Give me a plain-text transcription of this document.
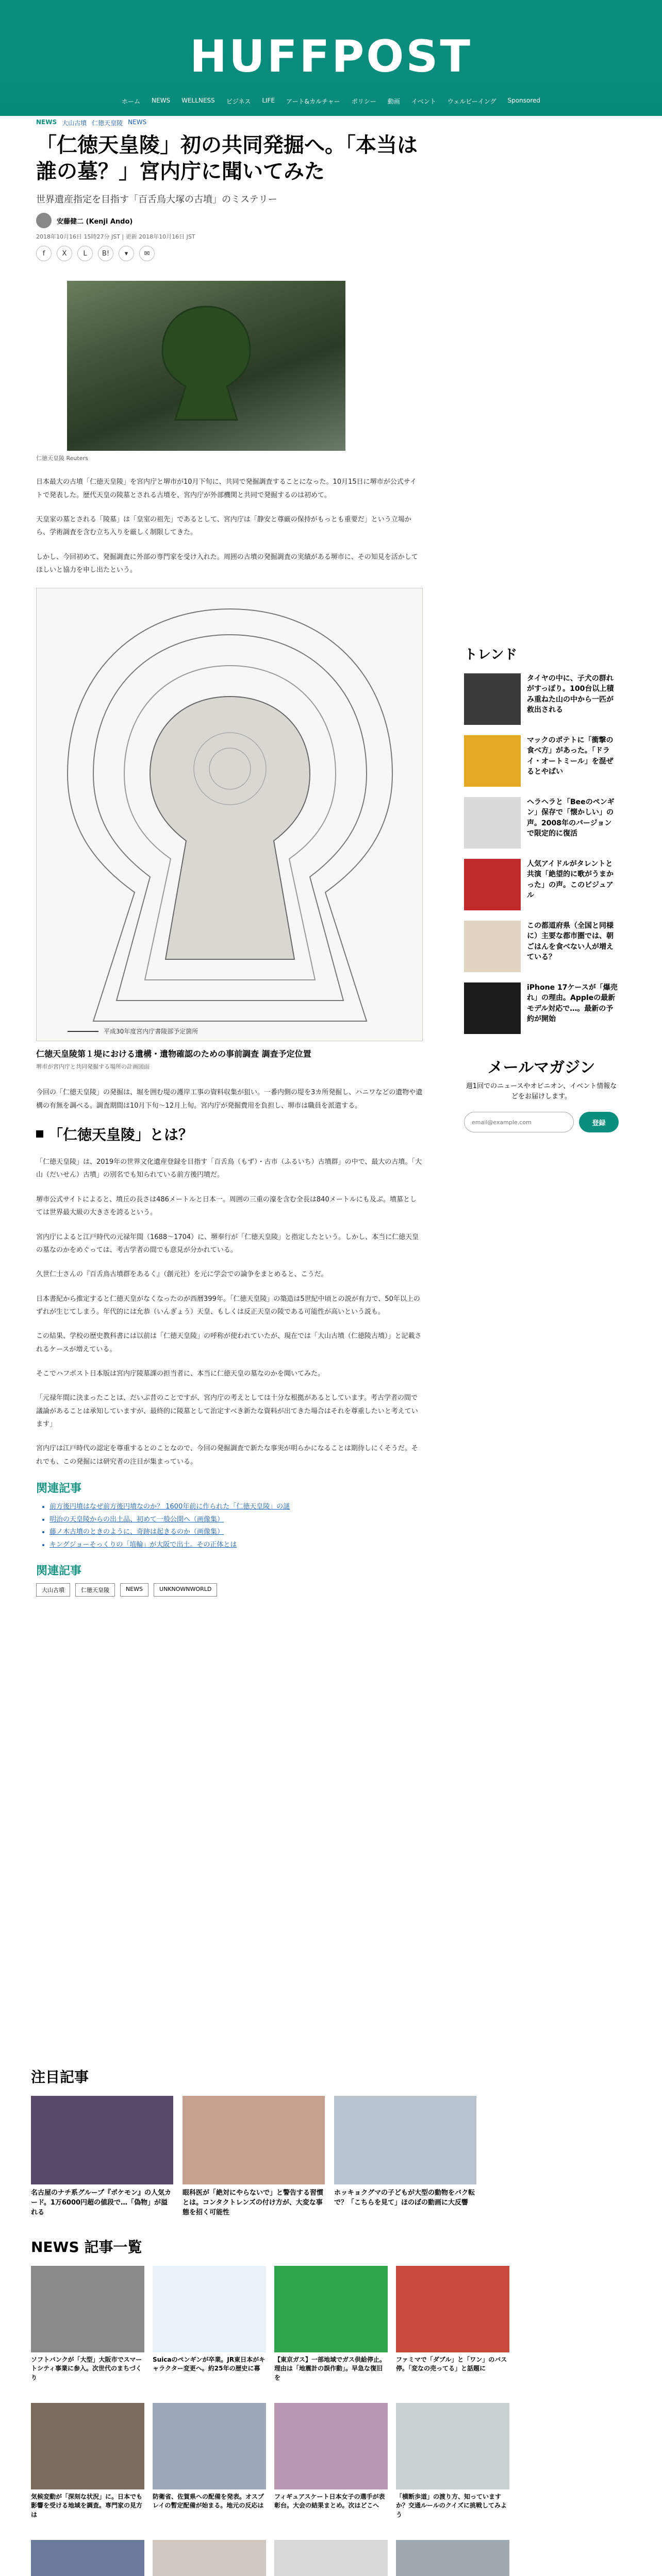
HUFFPOST
ホーム NEWS WELLNESS ビジネス LIFE アート&カルチャー ポリシー 動画 イベント ウェルビーイング Sponsored
NEWS 大山古墳 仁徳天皇陵 NEWS
「仁徳天皇陵」初の共同発掘へ。「本当は誰の墓？」宮内庁に聞いてみた
世界遺産指定を目指す「百舌鳥大塚の古墳」のミステリー
安藤健二 (Kenji Ando)
2018年10月16日 15時27分 JST | 更新 2018年10月16日 JST
f	X	L	B!	▾	✉
仁徳天皇陵 Reuters

日本最大の古墳「仁徳天皇陵」を宮内庁と堺市が10月下旬に、共同で発掘調査することになった。10月15日に堺市が公式サイトで発表した。歴代天皇の陵墓とされる古墳を、宮内庁が外部機関と共同で発掘するのは初めて。

天皇家の墓とされる「陵墓」は「皇室の祖先」であるとして、宮内庁は「静安と尊厳の保持がもっとも重要だ」という立場から、学術調査を含む立ち入りを厳しく制限してきた。

しかし、今回初めて、発掘調査に外部の専門家を受け入れた。周囲の古墳の発掘調査の実績がある堺市に、その知見を活かしてほしいと協力を申し出たという。

平成30年度宮内庁書陵部予定箇所
仁徳天皇陵第１堤における遺構・遺物確認のための事前調査 調査予定位置
堺市が宮内庁と共同発掘する場所の計画図面

今回の「仁徳天皇陵」の発掘は、堀を囲む堤の護岸工事の資料収集が狙い。一番内側の堤を3カ所発掘し、ハニワなどの遺物や遺構の有無を調べる。調査期間は10月下旬〜12月上旬。宮内庁が発掘費用を負担し、堺市は職員を派遣する。

「仁徳天皇陵」とは？

「仁徳天皇陵」は、2019年の世界文化遺産登録を目指す「百舌鳥（もず）・古市（ふるいち）古墳群」の中で、最大の古墳。「大山（だいせん）古墳」の別名でも知られている前方後円墳だ。

堺市公式サイトによると、墳丘の長さは486メートルと日本一。周囲の三重の濠を含む全長は840メートルにも及ぶ。墳墓としては世界最大級の大きさを誇るという。

宮内庁によると江戸時代の元禄年間（1688〜1704）に、堺奉行が「仁徳天皇陵」と指定したという。しかし、本当に仁徳天皇の墓なのかをめぐっては、考古学者の間でも意見が分かれている。

久世仁士さんの『百舌鳥古墳群をあるく』（創元社）を元に学会での論争をまとめると、こうだ。

日本書紀から推定すると仁徳天皇がなくなったのが西暦399年。「仁徳天皇陵」の築造は5世紀中頃との説が有力で、50年以上のずれが生じてしまう。年代的には允恭（いんぎょう）天皇、もしくは反正天皇の陵である可能性が高いという説も。

この結果、学校の歴史教科書には以前は「仁徳天皇陵」の呼称が使われていたが、現在では「大山古墳（仁徳陵古墳）」と記載されるケースが増えている。

そこでハフポスト日本版は宮内庁陵墓課の担当者に、本当に仁徳天皇の墓なのかを聞いてみた。

「元禄年間に決まったことは、だいぶ昔のことですが、宮内庁の考えとしては十分な根拠があるとしています。考古学者の間で議論があることは承知していますが、最終的に陵墓として治定すべき新たな資料が出てきた場合はそれを尊重したいと考えています」

宮内庁は江戸時代の認定を尊重するとのことなので、今回の発掘調査で新たな事実が明らかになることは期待しにくそうだ。それでも、この発掘には研究者の注目が集まっている。

関連記事
• 前方後円墳はなぜ前方後円墳なのか？ 1600年前に作られた「仁徳天皇陵」の謎
• 明治の天皇陵からの出土品、初めて一般公開へ（画像集）
• 藤ノ木古墳のときのように、奇跡は起きるのか（画像集）
• キングジョーそっくりの「埴輪」が大阪で出土。その正体とは
関連記事
大山古墳	仁徳天皇陵	NEWS	UNKNOWNWORLD
トレンド
タイヤの中に、子犬の群れがすっぽり。100台以上積み重ねた山の中から一匹が救出される
マックのポテトに「衝撃の食べ方」があった。「ドライ・オートミール」を混ぜるとやばい
ヘラヘラと「Beeのペンギン」保存で「懐かしい」の声。2008年のバージョンで限定的に復活
人気アイドルがタレントと共演「絶望的に歌がうまかった」の声。このビジュアル
この都道府県（全国と同様に）主要な都市圏では、朝ごはんを食べない人が増えている？
iPhone 17ケースが「爆売れ」の理由。Appleの最新モデル対応で…。最新の予約が開始
メールマガジン
週1回でのニュースやオピニオン、イベント情報などをお届けします。
email@example.com
登録
注目記事
名古屋のナチ系グループ『ポケモン』の人気カード。1万6000円超の値段で…「偽物」が溢れる
眼科医が「絶対にやらないで」と警告する習慣とは。コンタクトレンズの付け方が、大変な事態を招く可能性
ホッキョクグマの子どもが大型の動物をバク転で？「こちらを見て」ほのぼの動画に大反響
NEWS 記事一覧
ソフトバンクが「大型」大阪市でスマートシティ事業に参入。次世代のまちづくり
Suicaのペンギンが卒業。JR東日本がキャラクター変更へ。約25年の歴史に幕
【東京ガス】一部地域でガス供給停止。理由は「地震計の誤作動」。早急な復旧を
ファミマで「ダブル」と「ワン」のバス停。「変なの売ってる」と話題に
気候変動が「深刻な状況」に。日本でも影響を受ける地域を調査。専門家の見方は
防衛省、佐賀県への配備を発表。オスプレイの暫定配備が始まる。地元の反応は
フィギュアスケート日本女子の選手が表彰台。大会の結果まとめ。次はどこへ
「横断歩道」の渡り方、知っていますか？交通ルールのクイズに挑戦してみよう
